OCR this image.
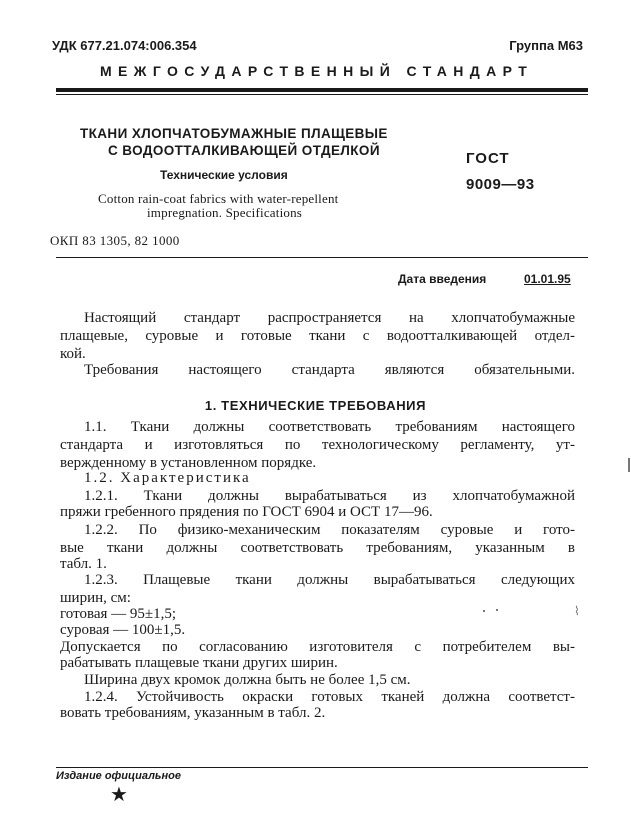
УДК 677.21.074:006.354	Группа М63
МЕЖГОСУДАРСТВЕННЫЙ СТАНДАРТ
ТКАНИ ХЛОПЧАТОБУМАЖНЫЕ ПЛАЩЕВЫЕ
С ВОДООТТАЛКИВАЮЩЕЙ ОТДЕЛКОЙ
Технические условия
Cotton rain-coat fabrics with water-repellent
impregnation. Specifications
ГОСТ
9009—93
ОКП 83 1305, 82 1000
Дата введения	01.01.95
Настоящий стандарт распространяется на хлопчатобумажные
плащевые, суровые и готовые ткани с водоотталкивающей отдел-
кой.
Требования настоящего стандарта являются обязательными.
1. ТЕХНИЧЕСКИЕ ТРЕБОВАНИЯ
1.1. Ткани должны соответствовать требованиям настоящего
стандарта и изготовляться по технологическому регламенту, ут-
вержденному в установленном порядке.
1.2. Характеристика
1.2.1. Ткани должны вырабатываться из хлопчатобумажной
пряжи гребенного прядения по ГОСТ 6904 и ОСТ 17—96.
1.2.2. По физико-механическим показателям суровые и гото-
вые ткани должны соответствовать требованиям, указанным в
табл. 1.
1.2.3. Плащевые ткани должны вырабатываться следующих
ширин, см:
готовая — 95±1,5;
суровая — 100±1,5.
Допускается по согласованию изготовителя с потребителем вы-
рабатывать плащевые ткани других ширин.
Ширина двух кромок должна быть не более 1,5 см.
1.2.4. Устойчивость окраски готовых тканей должна соответст-
вовать требованиям, указанным в табл. 2.
⌇
Издание официальное
★
